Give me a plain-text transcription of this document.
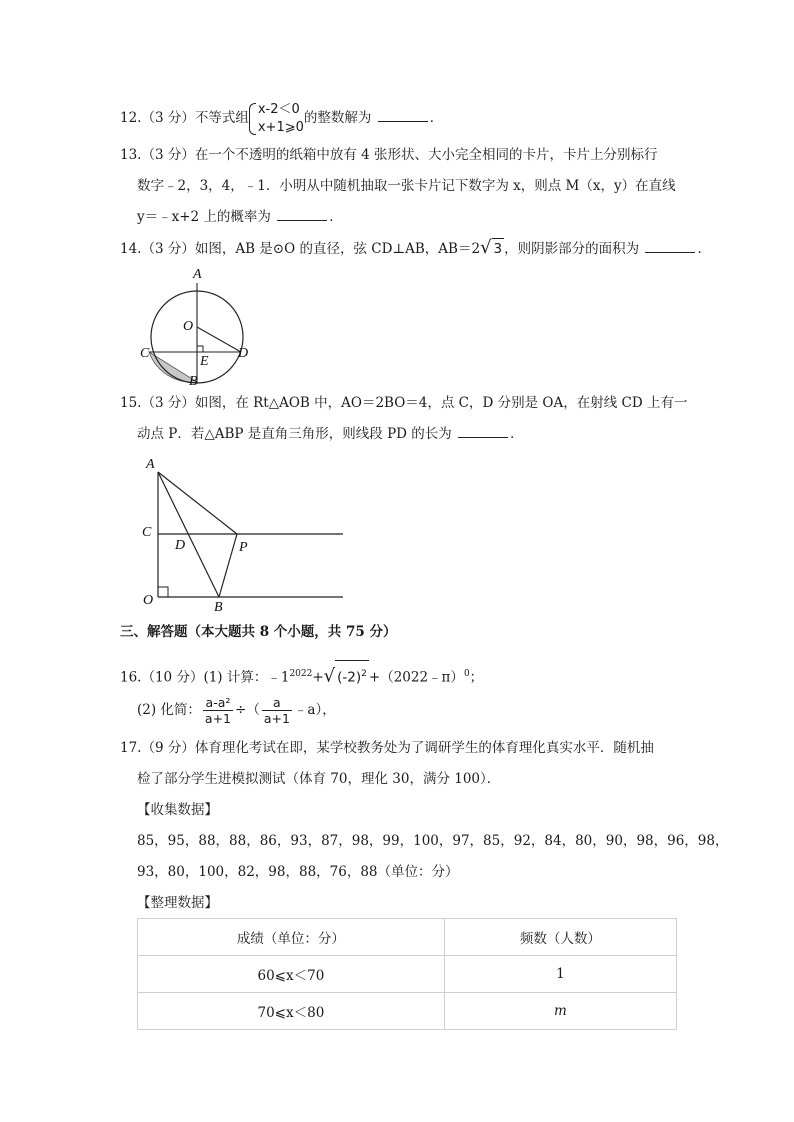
12.（3 分）不等式组
x-2＜0
x+1⩾0
的整数解为	．
13.（3 分）在一个不透明的纸箱中放有 4 张形状、大小完全相同的卡片，卡片上分别标行
数字﹣2，3，4，﹣1．小明从中随机抽取一张卡片记下数字为 x，则点 M（x，y）在直线
y＝﹣x+2 上的概率为	．
14.（3 分）如图，AB 是⊙O 的直径，弦 CD⊥AB，AB＝2√ 3 ，则阴影部分的面积为	．
A
O
C
E
D
B
15.（3 分）如图，在 Rt△AOB 中，AO＝2BO＝4，点 C，D 分别是 OA，在射线 CD 上有一
动点 P．若△ABP 是直角三角形，则线段 PD 的长为	．
A
C
D	P
O	B
三、解答题（本大题共 8 个小题，共 75 分）
16.（10 分）(1) 计算：$﹣1^{2022}+√$ $(-2)^2$ +（2022﹣π）$^0$；
(2) 化简： $\frac{\text{a-a²}}{a+1}$ ÷（ $\frac{a}{a+1}$ ﹣a），
17.（9 分）体育理化考试在即，某学校教务处为了调研学生的体育理化真实水平．随机抽
检了部分学生进模拟测试（体育 70，理化 30，满分 100）．
【收集数据】
85，95，88，88，86，93，87，98，99，100，97，85，92，84，80，90，98，96，98，
93，80，100，82，98，88，76，88（单位：分）
【整理数据】
成绩（单位：分）	频数（人数）
60⩽x＜70	1
70⩽x＜80	m
